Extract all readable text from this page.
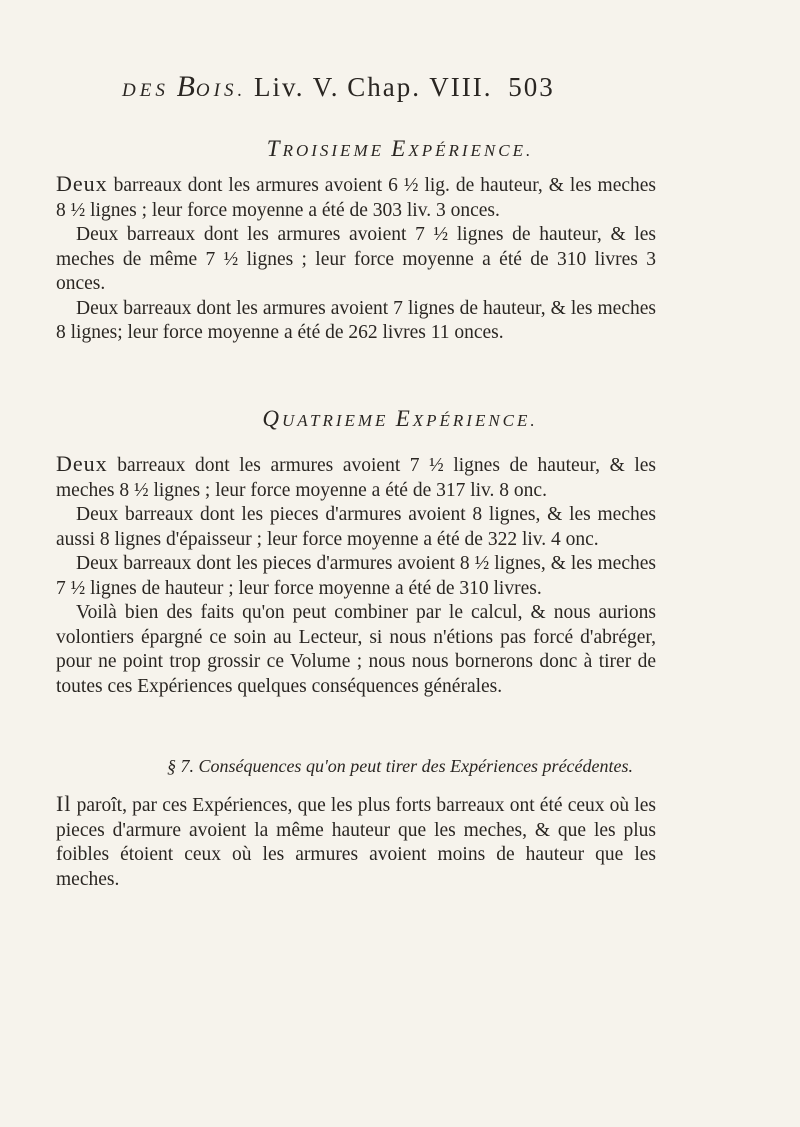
DES BOIS. Liv. V. Chap. VIII. 503
TROISIEME EXPÉRIENCE.

Deux barreaux dont les armures avoient 6 ½ lig. de hauteur, & les meches 8 ½ lignes ; leur force moyenne a été de 303 liv. 3 onces.

Deux barreaux dont les armures avoient 7 ½ lignes de hauteur, & les meches de même 7 ½ lignes ; leur force moyenne a été de 310 livres 3 onces.

Deux barreaux dont les armures avoient 7 lignes de hauteur, & les meches 8 lignes; leur force moyenne a été de 262 livres 11 onces.

QUATRIEME EXPÉRIENCE.

Deux barreaux dont les armures avoient 7 ½ lignes de hauteur, & les meches 8 ½ lignes ; leur force moyenne a été de 317 liv. 8 onc.

Deux barreaux dont les pieces d'armures avoient 8 lignes, & les meches aussi 8 lignes d'épaisseur ; leur force moyenne a été de 322 liv. 4 onc.

Deux barreaux dont les pieces d'armures avoient 8 ½ lignes, & les meches 7 ½ lignes de hauteur ; leur force moyenne a été de 310 livres.

Voilà bien des faits qu'on peut combiner par le calcul, & nous aurions volontiers épargné ce soin au Lecteur, si nous n'étions pas forcé d'abréger, pour ne point trop grossir ce Volume ; nous nous bornerons donc à tirer de toutes ces Expériences quelques conséquences générales.

§ 7. Conséquences qu'on peut tirer des Expériences précédentes.

Il paroît, par ces Expériences, que les plus forts barreaux ont été ceux où les pieces d'armure avoient la même hauteur que les meches, & que les plus foibles étoient ceux où les armures avoient moins de hauteur que les meches.
